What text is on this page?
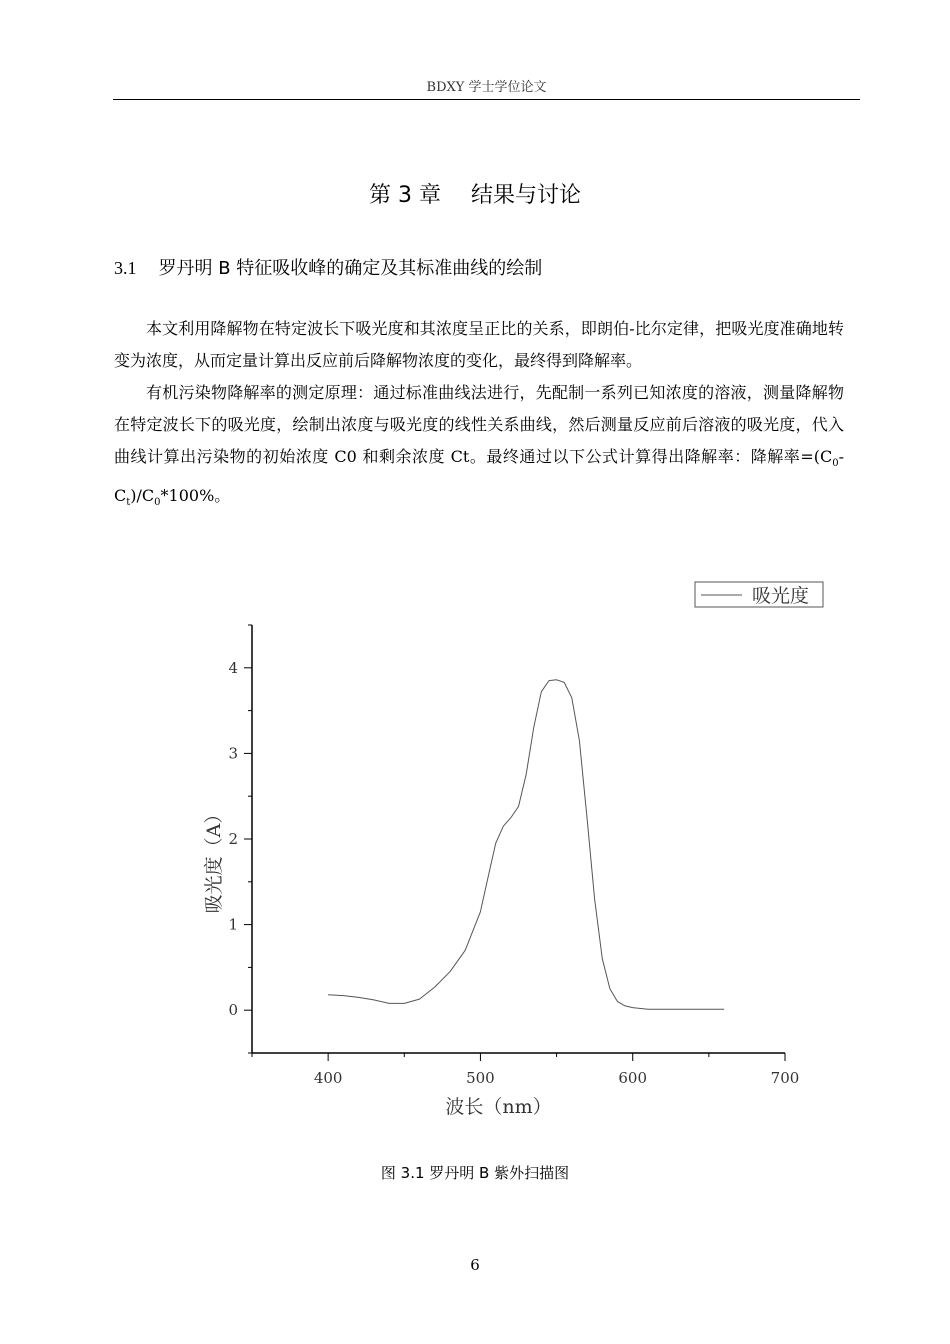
BDXY 学士学位论文
第 3 章 结果与讨论
3.1 罗丹明 B 特征吸收峰的确定及其标准曲线的绘制

本文利用降解物在特定波长下吸光度和其浓度呈正比的关系，即朗伯-比尔定律，把吸光度准确地转变为浓度，从而定量计算出反应前后降解物浓度的变化，最终得到降解率。

有机污染物降解率的测定原理：通过标准曲线法进行，先配制一系列已知浓度的溶液，测量降解物在特定波长下的吸光度，绘制出浓度与吸光度的线性关系曲线，然后测量反应前后溶液的吸光度，代入曲线计算出污染物的初始浓度 C0 和剩余浓度 Ct。最终通过以下公式计算得出降解率：降解率$=(C_0-C_t)/C_0*100\%$。

400	500	600	700
0
1
2
3
4
波长（nm）
吸光度（A）
吸光度
图 3.1 罗丹明 B 紫外扫描图
6
